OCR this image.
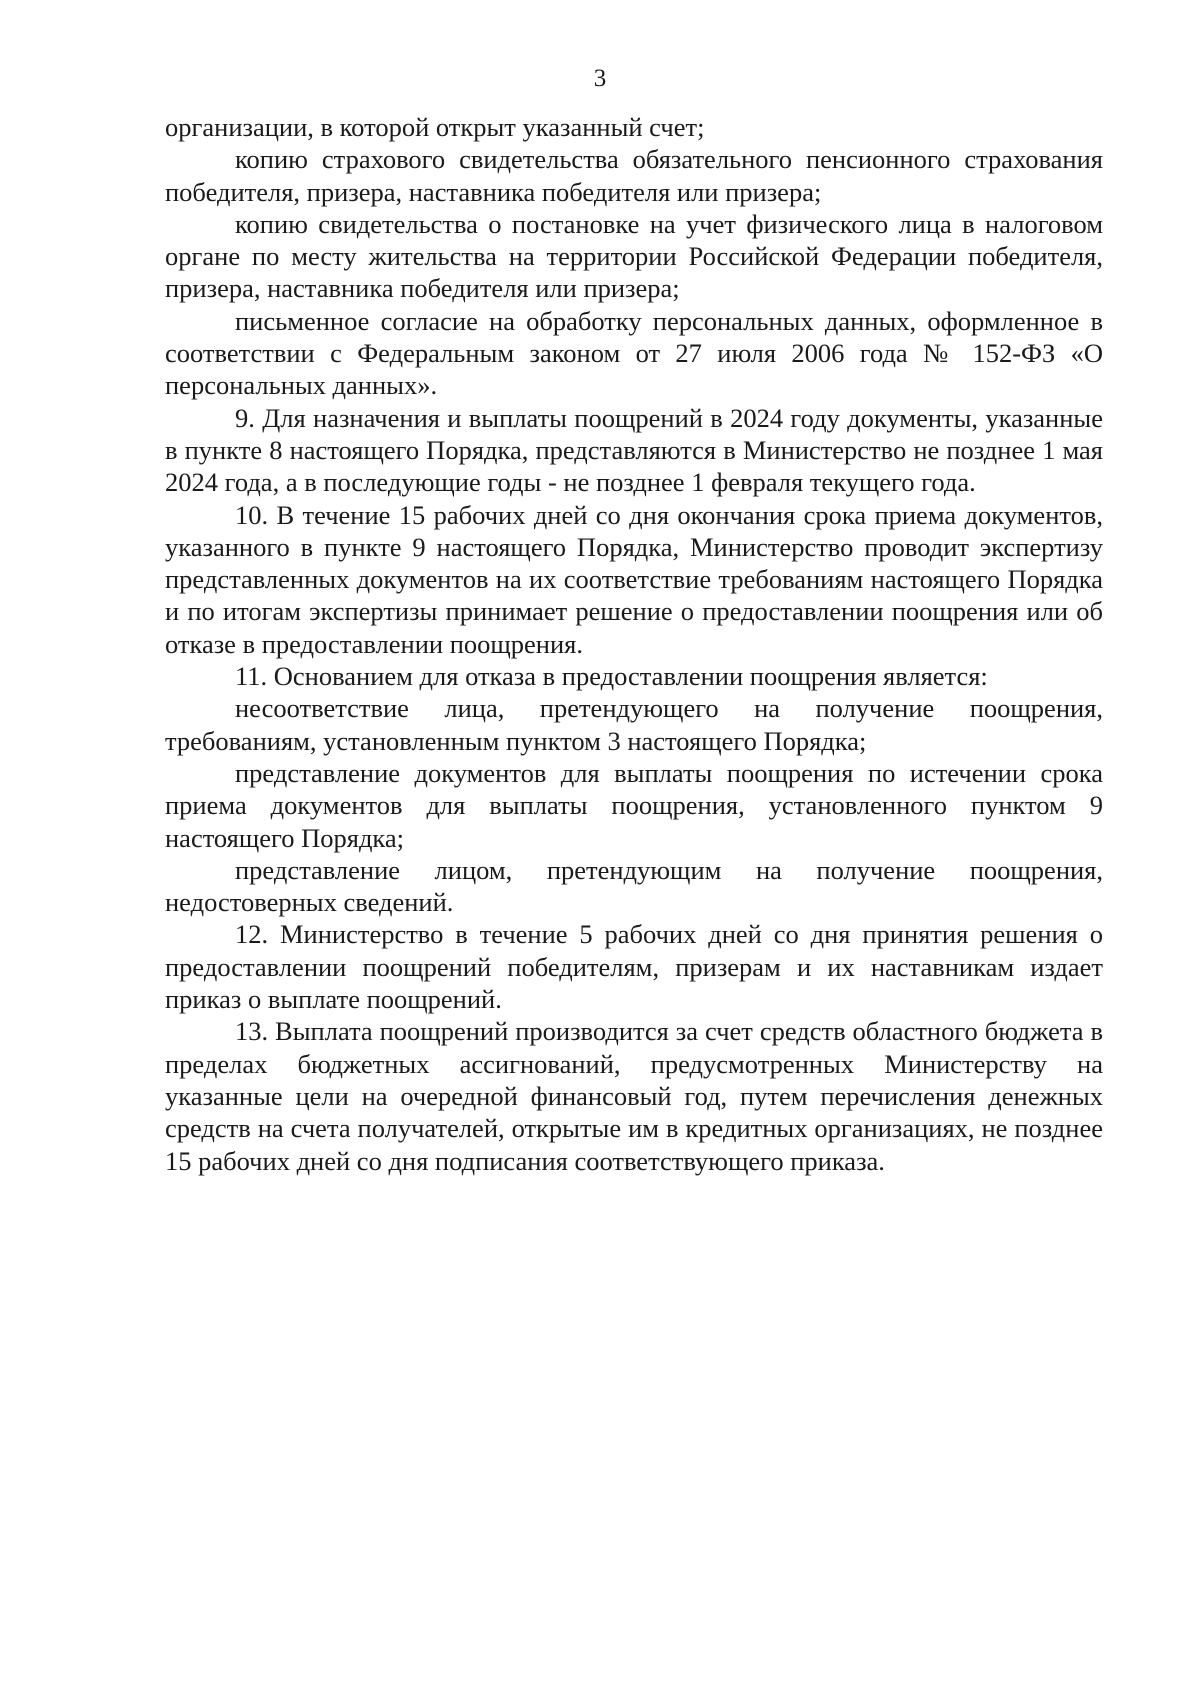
3

организации, в которой открыт указанный счет;

копию страхового свидетельства обязательного пенсионного страхования победителя, призера, наставника победителя или призера;

копию свидетельства о постановке на учет физического лица в налоговом органе по месту жительства на территории Российской Федерации победителя, призера, наставника победителя или призера;

письменное согласие на обработку персональных данных, оформленное в соответствии с Федеральным законом от 27 июля 2006 года № 152-ФЗ «О персональных данных».

9. Для назначения и выплаты поощрений в 2024 году документы, указанные в пункте 8 настоящего Порядка, представляются в Министерство не позднее 1 мая 2024 года, а в последующие годы - не позднее 1 февраля текущего года.

10. В течение 15 рабочих дней со дня окончания срока приема документов, указанного в пункте 9 настоящего Порядка, Министерство проводит экспертизу представленных документов на их соответствие требованиям настоящего Порядка и по итогам экспертизы принимает решение о предоставлении поощрения или об отказе в предоставлении поощрения.

11. Основанием для отказа в предоставлении поощрения является:

несоответствие лица, претендующего на получение поощрения, требованиям, установленным пунктом 3 настоящего Порядка;

представление документов для выплаты поощрения по истечении срока приема документов для выплаты поощрения, установленного пунктом 9 настоящего Порядка;

представление лицом, претендующим на получение поощрения, недостоверных сведений.

12. Министерство в течение 5 рабочих дней со дня принятия решения о предоставлении поощрений победителям, призерам и их наставникам издает приказ о выплате поощрений.

13. Выплата поощрений производится за счет средств областного бюджета в пределах бюджетных ассигнований, предусмотренных Министерству на указанные цели на очередной финансовый год, путем перечисления денежных средств на счета получателей, открытые им в кредитных организациях, не позднее 15 рабочих дней со дня подписания соответствующего приказа.
